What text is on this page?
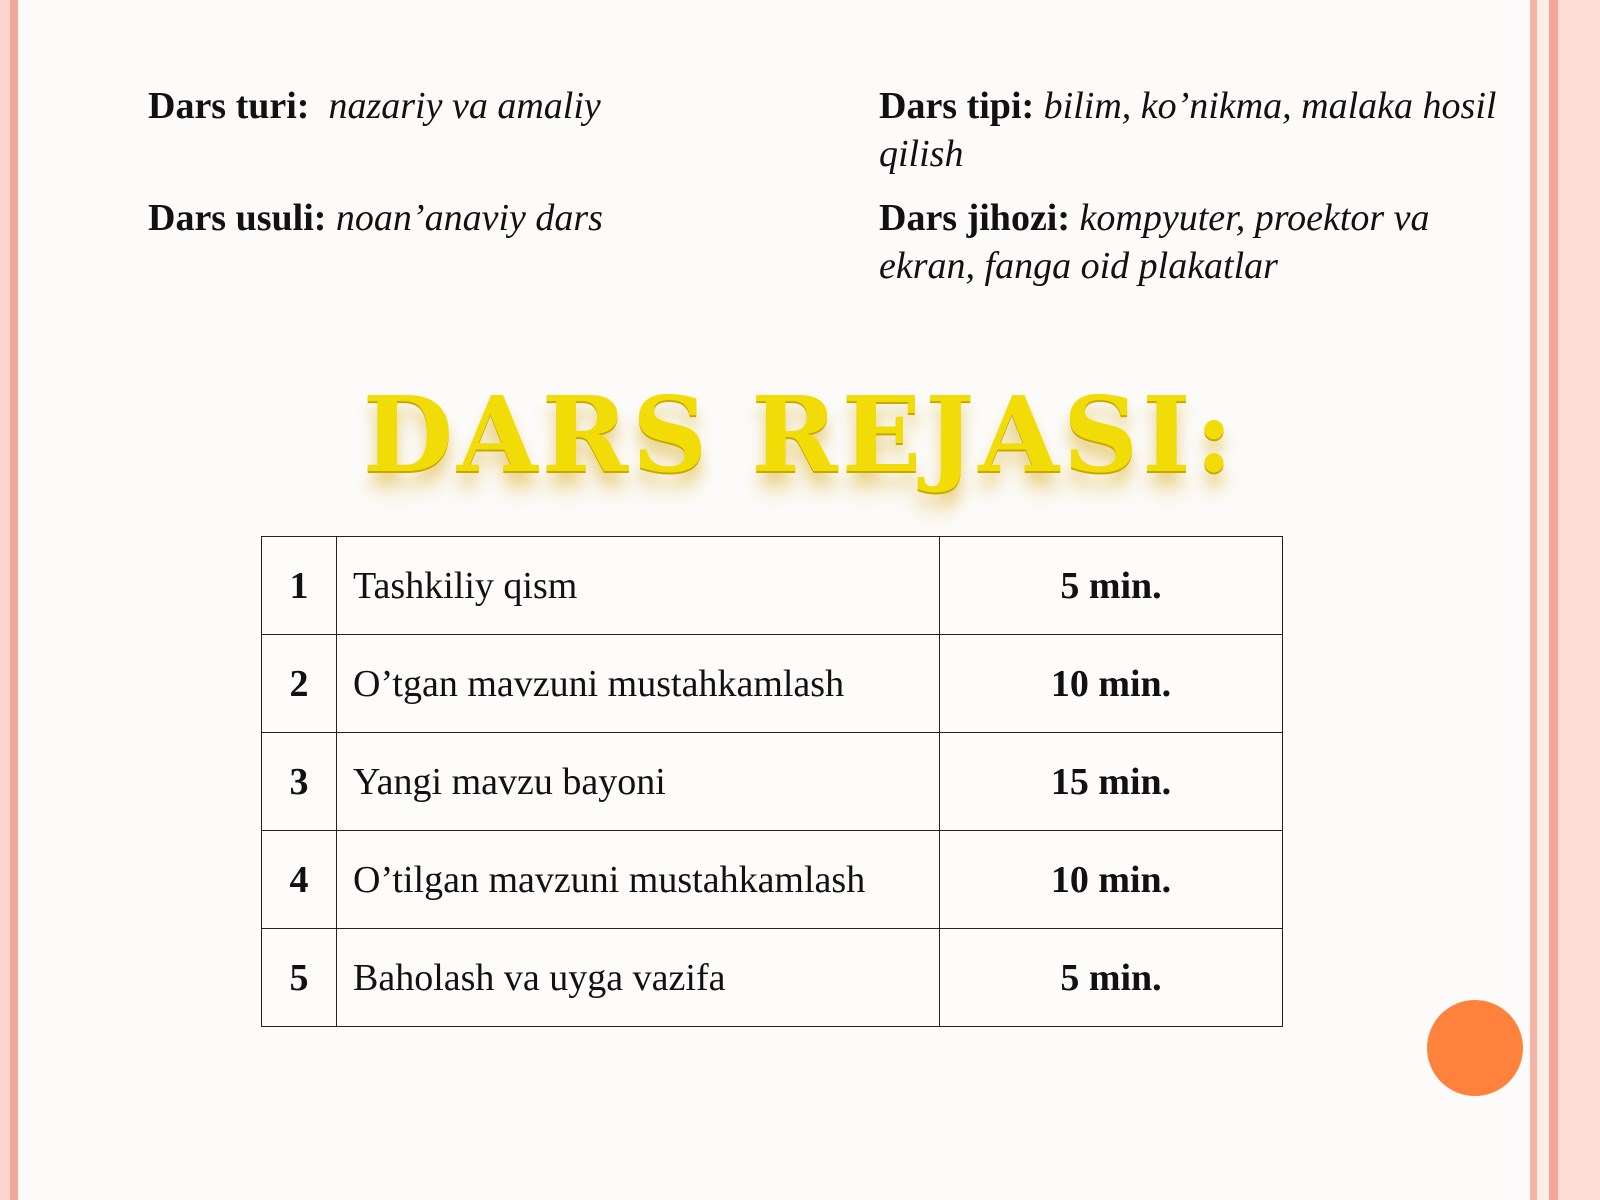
Dars turi: nazariy va amaliy
Dars usuli: noan’anaviy dars
Dars tipi: bilim, ko’nikma, malaka hosil qilish
Dars jihozi: kompyuter, proektor va ekran, fanga oid plakatlar
DARS REJASI:
1	Tashkiliy qism	5 min.
2	O’tgan mavzuni mustahkamlash	10 min.
3	Yangi mavzu bayoni	15 min.
4	O’tilgan mavzuni mustahkamlash	10 min.
5	Baholash va uyga vazifa	5 min.
